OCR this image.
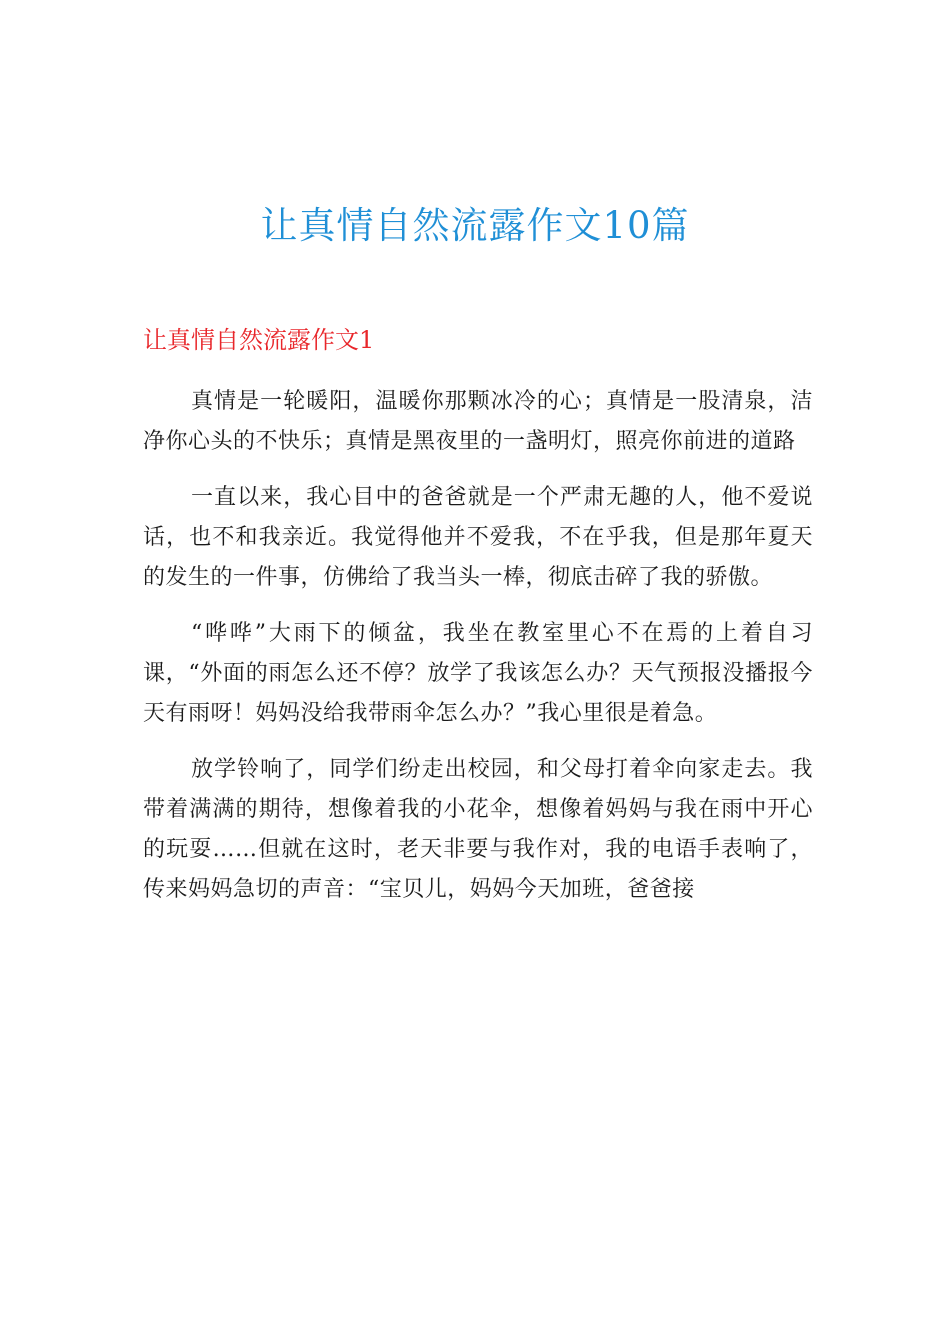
让真情自然流露作文10篇
让真情自然流露作文1

真情是一轮暖阳，温暖你那颗冰冷的心；真情是一股清泉，洁净你心头的不快乐；真情是黑夜里的一盏明灯，照亮你前进的道路

一直以来，我心目中的爸爸就是一个严肃无趣的人，他不爱说话，也不和我亲近。我觉得他并不爱我，不在乎我，但是那年夏天的发生的一件事，仿佛给了我当头一棒，彻底击碎了我的骄傲。

“哗哗”大雨下的倾盆，我坐在教室里心不在焉的上着自习课，“外面的雨怎么还不停？放学了我该怎么办？天气预报没播报今天有雨呀！妈妈没给我带雨伞怎么办？”我心里很是着急。

放学铃响了，同学们纷走出校园，和父母打着伞向家走去。我带着满满的期待，想像着我的小花伞，想像着妈妈与我在雨中开心的玩耍……但就在这时，老天非要与我作对，我的电语手表响了，传来妈妈急切的声音：“宝贝儿，妈妈今天加班，爸爸接
